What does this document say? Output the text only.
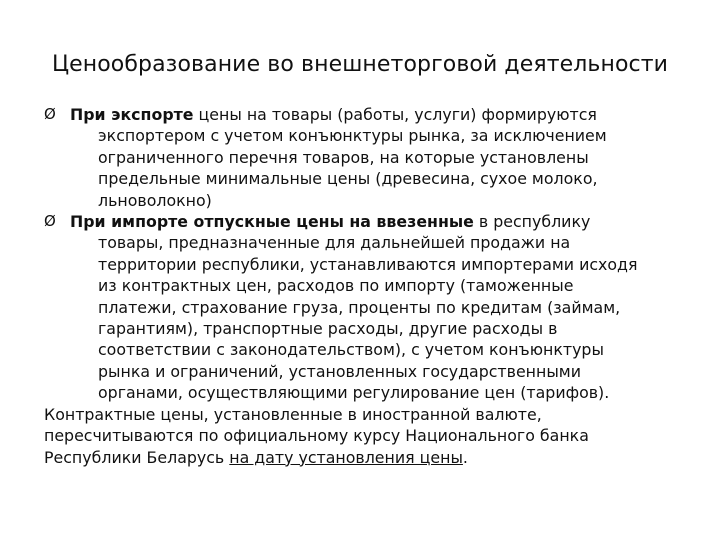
Ценообразование во внешнеторговой деятельности
Ø При экспорте цены на товары (работы, услуги) формируются
экспортером с учетом конъюнктуры рынка, за исключением
ограниченного перечня товаров, на которые установлены
предельные минимальные цены (древесина, сухое молоко,
льноволокно)
Ø При импорте отпускные цены на ввезенные в республику
товары, предназначенные для дальнейшей продажи на
территории республики, устанавливаются импортерами исходя
из контрактных цен, расходов по импорту (таможенные
платежи, страхование груза, проценты по кредитам (займам,
гарантиям), транспортные расходы, другие расходы в
соответствии с законодательством), с учетом конъюнктуры
рынка и ограничений, установленных государственными
органами, осуществляющими регулирование цен (тарифов).
Контрактные цены, установленные в иностранной валюте,
пересчитываются по официальному курсу Национального банка
Республики Беларусь на дату установления цены.
